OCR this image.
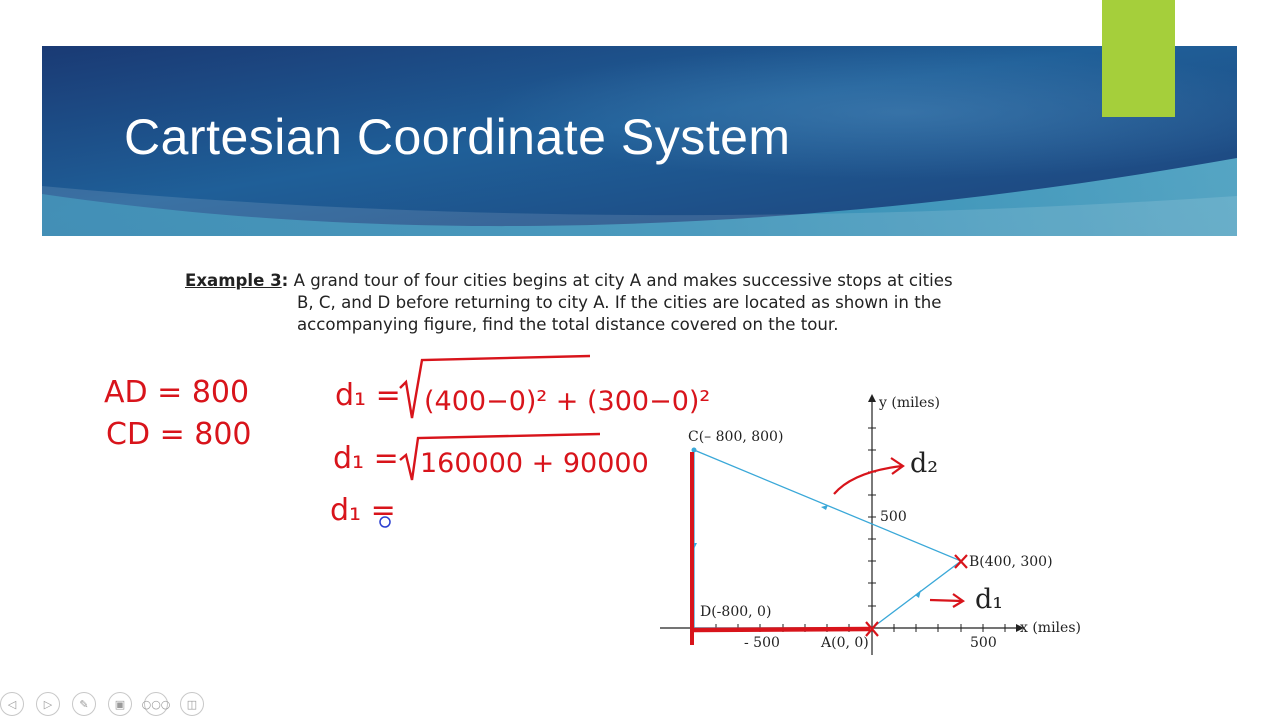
Cartesian Coordinate System
Example 3: A grand tour of four cities begins at city A and makes successive stops at cities
B, C, and D before returning to city A. If the cities are located as shown in the
accompanying figure, find the total distance covered on the tour.
AD = 800
CD = 800
d₁ = (400−0)² + (300−0)²
d₁ = 160000 + 90000
d₁ =
d₂
d₁
y (miles)
x (miles)
500
- 500	500
A(0, 0)
B(400, 300)
C(– 800, 800)
D(-800, 0)
◁	▷	✎	▣	○○○	◫
